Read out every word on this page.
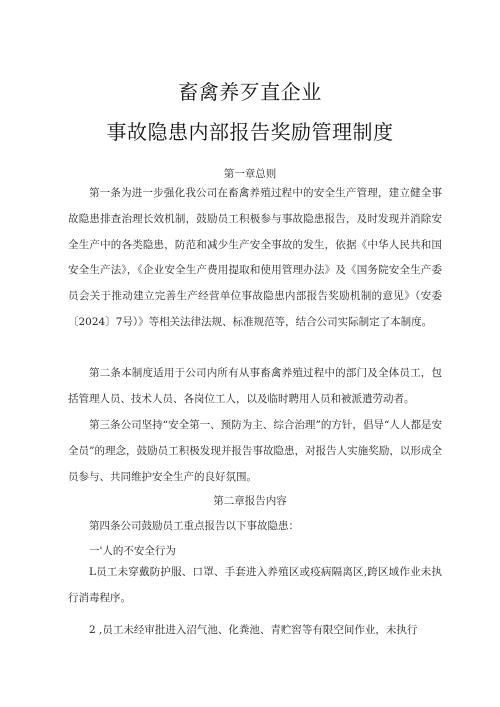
畜禽养歹直企业
事故隐患内部报告奖励管理制度
第一章总则
第一条为进一步强化我公司在畜禽养殖过程中的安全生产管理，建立健全事故隐患排查治理长效机制，鼓励员工积极参与事故隐患报告，及时发现并消除安全生产中的各类隐患，防范和减少生产安全事故的发生，依据《中华人民共和国安全生产法》，《企业安全生产费用提取和使用管理办法》及《国务院安全生产委员会关于推动建立完善生产经营单位事故隐患内部报告奖励机制的意见》（安委〔2024〕7号）》等相关法律法规、标准规范等，结合公司实际制定了本制度。
第二条本制度适用于公司内所有从事畜禽养殖过程中的部门及全体员工，包括管理人员、技术人员、各岗位工人，以及临时聘用人员和被派遣劳动者。
第三条公司坚持“安全第一、预防为主、综合治理”的方针，倡导“人人都是安全员”的理念，鼓励员工积极发现并报告事故隐患，对报告人实施奖励，以形成全员参与、共同维护安全生产的良好氛围。
第二章报告内容
第四条公司鼓励员工重点报告以下事故隐患：
一'人的不安全行为
L员工未穿戴防护服、口罩、手套进入养殖区或疫病隔离区,跨区域作业未执行消毒程序。
2 ,员工未经审批进入沼气池、化粪池、青贮窖等有限空间作业，未执行
